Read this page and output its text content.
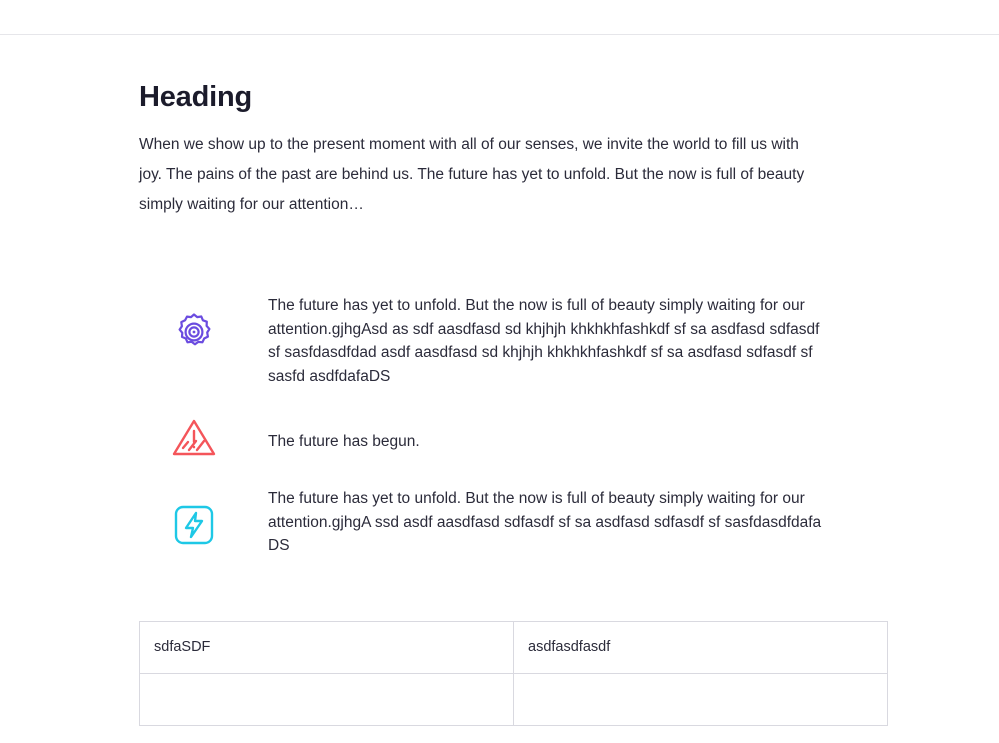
Heading

When we show up to the present moment with all of our senses, we invite the world to fill us with joy. The pains of the past are behind us. The future has yet to unfold. But the now is full of beauty simply waiting for our attention…

The future has yet to unfold. But the now is full of beauty simply waiting for our attention.gjhgAsd as sdf aasdfasd sd khjhjh khkhkhfashkdf sf sa asdfasd sdfasdf sf sasfdasdfdad asdf aasdfasd sd khjhjh khkhkhfashkdf sf sa asdfasd sdfasdf sf sasfd asdfdafaDS
The future has begun.
The future has yet to unfold. But the now is full of beauty simply waiting for our attention.gjhgA ssd asdf aasdfasd sdfasdf sf sa asdfasd sdfasdf sf sasfdasdfdafa DS
sdfaSDF	asdfasdfasdf
